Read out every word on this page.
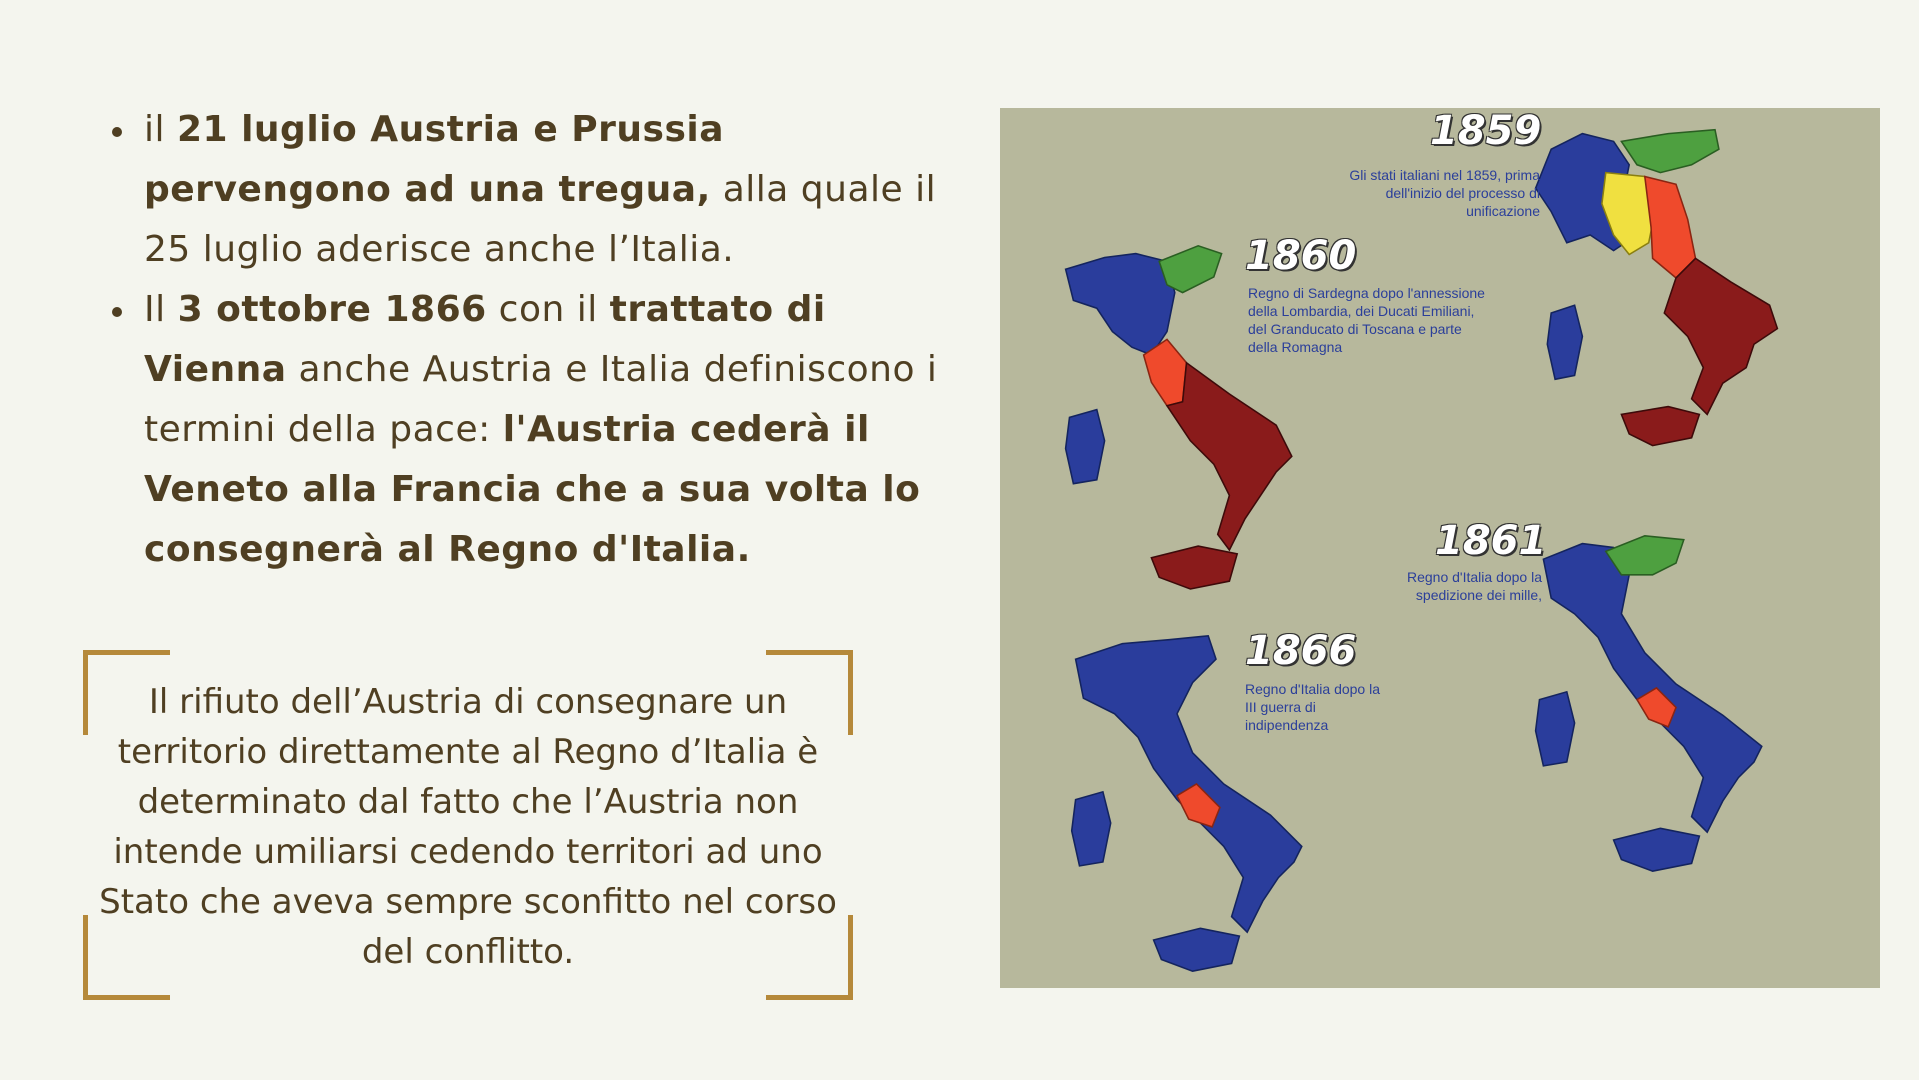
il 21 luglio Austria e Prussia pervengono ad una tregua, alla quale il 25 luglio aderisce anche l’Italia.
Il 3 ottobre 1866 con il trattato di Vienna anche Austria e Italia definiscono i termini della pace: l'Austria cederà il Veneto alla Francia che a sua volta lo consegnerà al Regno d'Italia.
Il rifiuto dell’Austria di consegnare un territorio direttamente al Regno d’Italia è determinato dal fatto che l’Austria non intende umiliarsi cedendo territori ad uno Stato che aveva sempre sconfitto nel corso del conflitto.
1859
Gli stati italiani nel 1859, prima dell'inizio del processo di unificazione
1860
Regno di Sardegna dopo l'annessione della Lombardia, dei Ducati Emiliani, del Granducato di Toscana e parte della Romagna
1861
Regno d'Italia dopo la spedizione dei mille,
1866
Regno d'Italia dopo la III guerra di indipendenza
